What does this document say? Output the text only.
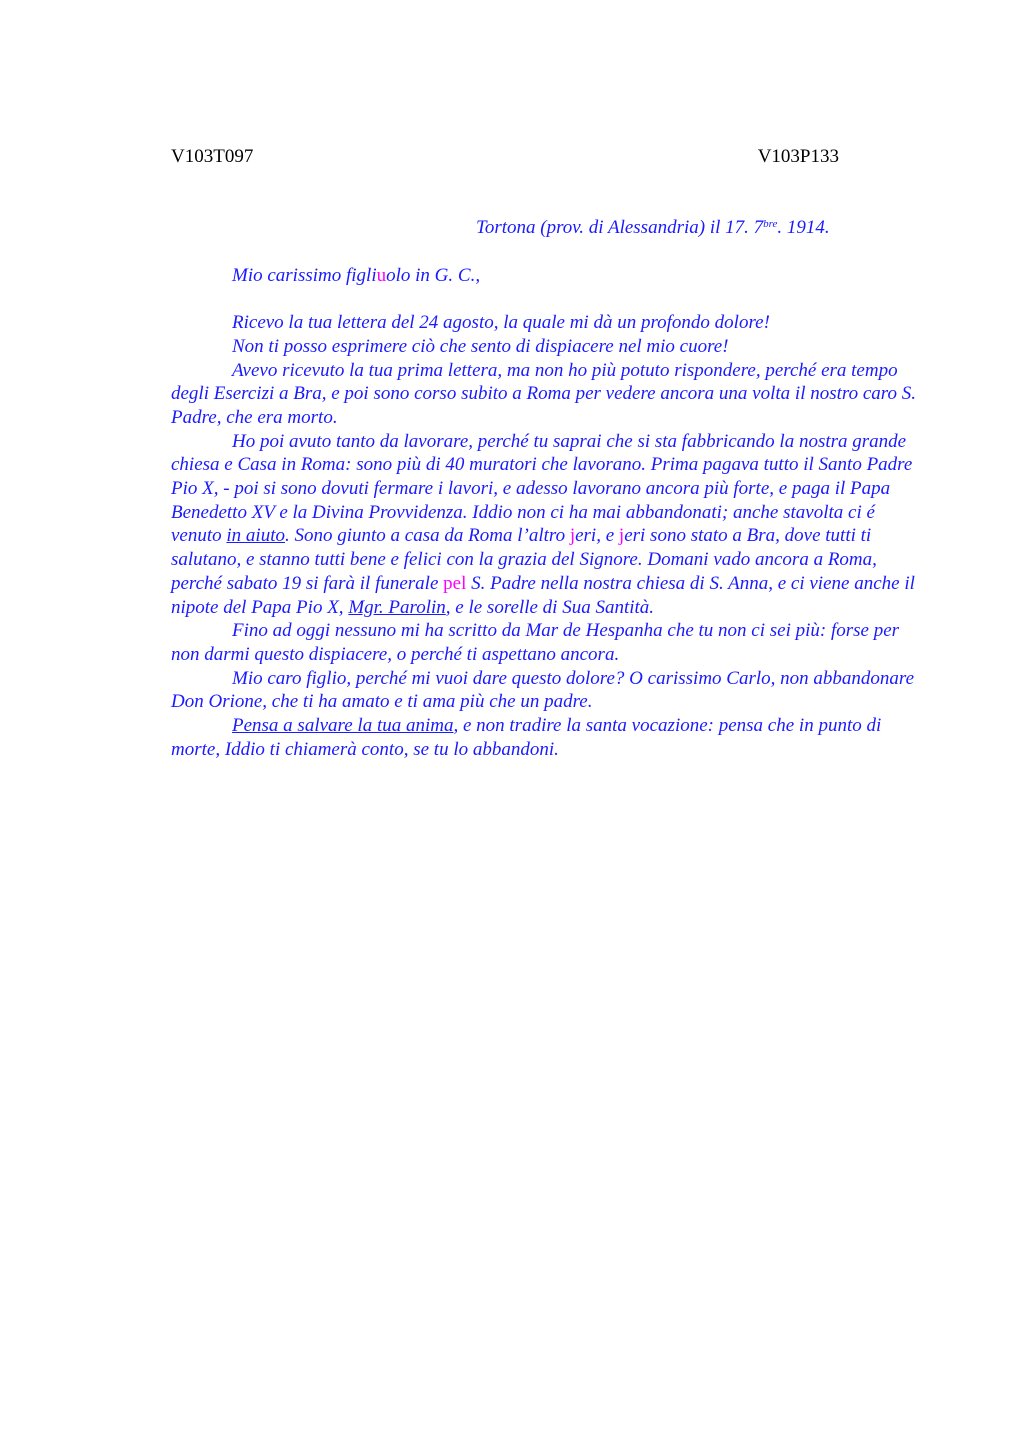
V103T097	V103P133

Tortona (prov. di Alessandria) il 17. $7^{bre}$. 1914.

Mio carissimo figliuolo in G. C.,

Ricevo la tua lettera del 24 agosto, la quale mi dà un profondo dolore!

Non ti posso esprimere ciò che sento di dispiacere nel mio cuore!

Avevo ricevuto la tua prima lettera, ma non ho più potuto rispondere, perché era tempo degli Esercizi a Bra, e poi sono corso subito a Roma per vedere ancora una volta il nostro caro S. Padre, che era morto.

Ho poi avuto tanto da lavorare, perché tu saprai che si sta fabbricando la nostra grande chiesa e Casa in Roma: sono più di 40 muratori che lavorano. Prima pagava tutto il Santo Padre Pio X, - poi si sono dovuti fermare i lavori, e adesso lavorano ancora più forte, e paga il Papa Benedetto XV e la Divina Provvidenza. Iddio non ci ha mai abbandonati; anche stavolta ci é venuto in aiuto. Sono giunto a casa da Roma l’altro jeri, e jeri sono stato a Bra, dove tutti ti salutano, e stanno tutti bene e felici con la grazia del Signore. Domani vado ancora a Roma, perché sabato 19 si farà il funerale pel S. Padre nella nostra chiesa di S. Anna, e ci viene anche il nipote del Papa Pio X, Mgr. Parolin, e le sorelle di Sua Santità.

Fino ad oggi nessuno mi ha scritto da Mar de Hespanha che tu non ci sei più: forse per non darmi questo dispiacere, o perché ti aspettano ancora.

Mio caro figlio, perché mi vuoi dare questo dolore? O carissimo Carlo, non abbandonare Don Orione, che ti ha amato e ti ama più che un padre.

Pensa a salvare la tua anima, e non tradire la santa vocazione: pensa che in punto di morte, Iddio ti chiamerà conto, se tu lo abbandoni.
